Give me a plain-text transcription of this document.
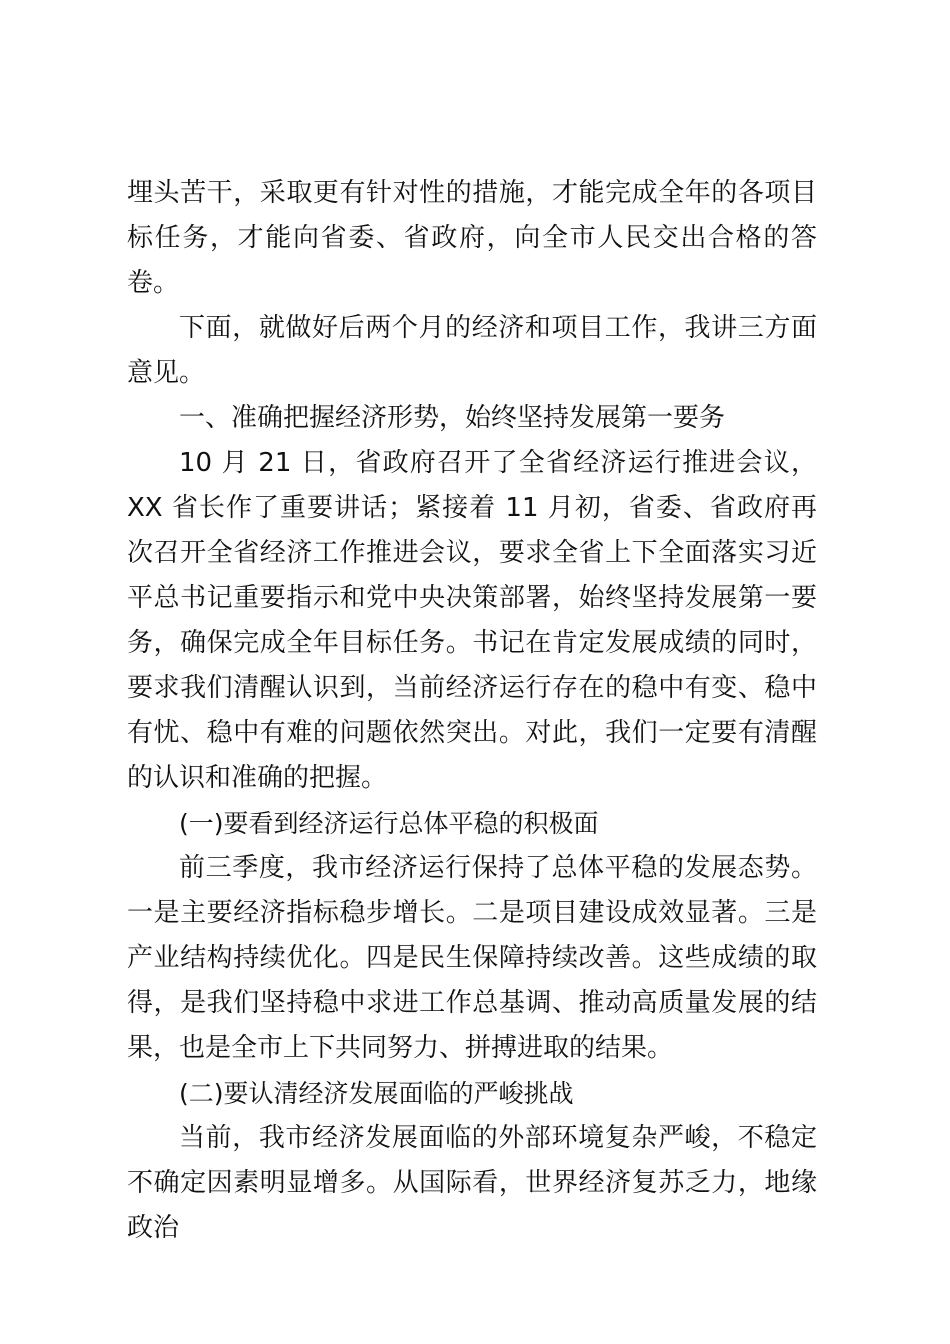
埋头苦干，采取更有针对性的措施，才能完成全年的各项目标任务，才能向省委、省政府，向全市人民交出合格的答卷。

下面，就做好后两个月的经济和项目工作，我讲三方面意见。

一、准确把握经济形势，始终坚持发展第一要务

10 月 21 日，省政府召开了全省经济运行推进会议，XX 省长作了重要讲话；紧接着 11 月初，省委、省政府再次召开全省经济工作推进会议，要求全省上下全面落实习近平总书记重要指示和党中央决策部署，始终坚持发展第一要务，确保完成全年目标任务。书记在肯定发展成绩的同时，要求我们清醒认识到，当前经济运行存在的稳中有变、稳中有忧、稳中有难的问题依然突出。对此，我们一定要有清醒的认识和准确的把握。

(一)要看到经济运行总体平稳的积极面

前三季度，我市经济运行保持了总体平稳的发展态势。一是主要经济指标稳步增长。二是项目建设成效显著。三是产业结构持续优化。四是民生保障持续改善。这些成绩的取得，是我们坚持稳中求进工作总基调、推动高质量发展的结果，也是全市上下共同努力、拼搏进取的结果。

(二)要认清经济发展面临的严峻挑战

当前，我市经济发展面临的外部环境复杂严峻，不稳定不确定因素明显增多。从国际看，世界经济复苏乏力，地缘政治
